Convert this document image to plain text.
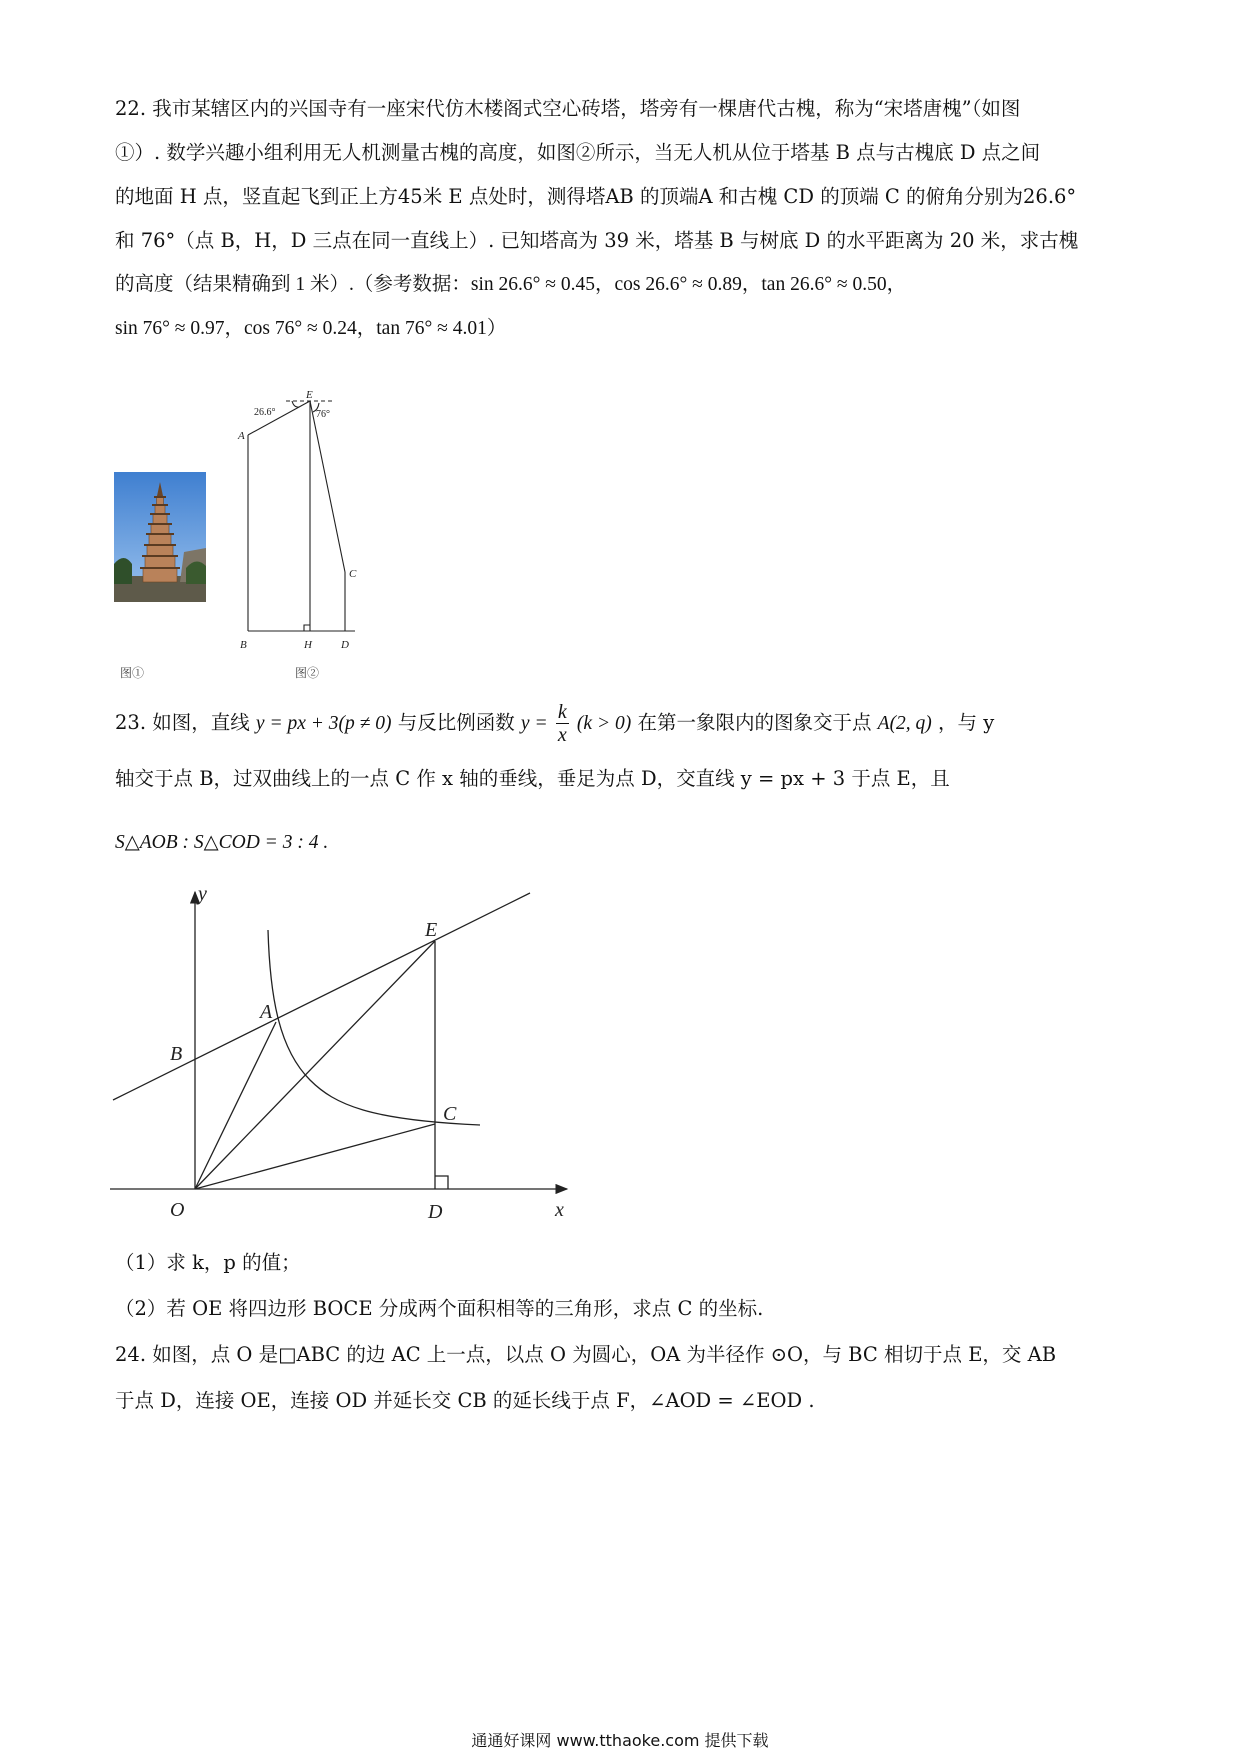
22. 我市某辖区内的兴国寺有一座宋代仿木楼阁式空心砖塔，塔旁有一棵唐代古槐，称为“宋塔唐槐”（如图
①）. 数学兴趣小组利用无人机测量古槐的高度，如图②所示，当无人机从位于塔基 B 点与古槐底 D 点之间
的地面 H 点，竖直起飞到正上方45米 E 点处时，测得塔AB 的顶端A 和古槐 CD 的顶端 C 的俯角分别为26.6°
和 76°（点 B，H，D 三点在同一直线上）. 已知塔高为 39 米，塔基 B 与树底 D 的水平距离为 20 米，求古槐
的高度（结果精确到 1 米）.（参考数据：sin 26.6° ≈ 0.45，cos 26.6° ≈ 0.89，tan 26.6° ≈ 0.50，
sin 76° ≈ 0.97，cos 76° ≈ 0.24，tan 76° ≈ 4.01）
E
A
C
B	H	D
26.6°	76°
图①	图②
23. 如图，直线 y = px + 3(p ≠ 0) 与反比例函数 $y = \frac{k}{x} (k > 0)$ 在第一象限内的图象交于点 A(2, q) ，与 y
轴交于点 B，过双曲线上的一点 C 作 x 轴的垂线，垂足为点 D，交直线 y = px + 3 于点 E，且
S△AOB : S△COD = 3 : 4 .
y
x
O
A
B
C
D
E
（1）求 k，p 的值；
（2）若 OE 将四边形 BOCE 分成两个面积相等的三角形，求点 C 的坐标.
24. 如图，点 O 是□ABC 的边 AC 上一点，以点 O 为圆心，OA 为半径作 ⊙O，与 BC 相切于点 E，交 AB
于点 D，连接 OE，连接 OD 并延长交 CB 的延长线于点 F，∠AOD = ∠EOD .
通通好课网 www.tthaoke.com 提供下载
